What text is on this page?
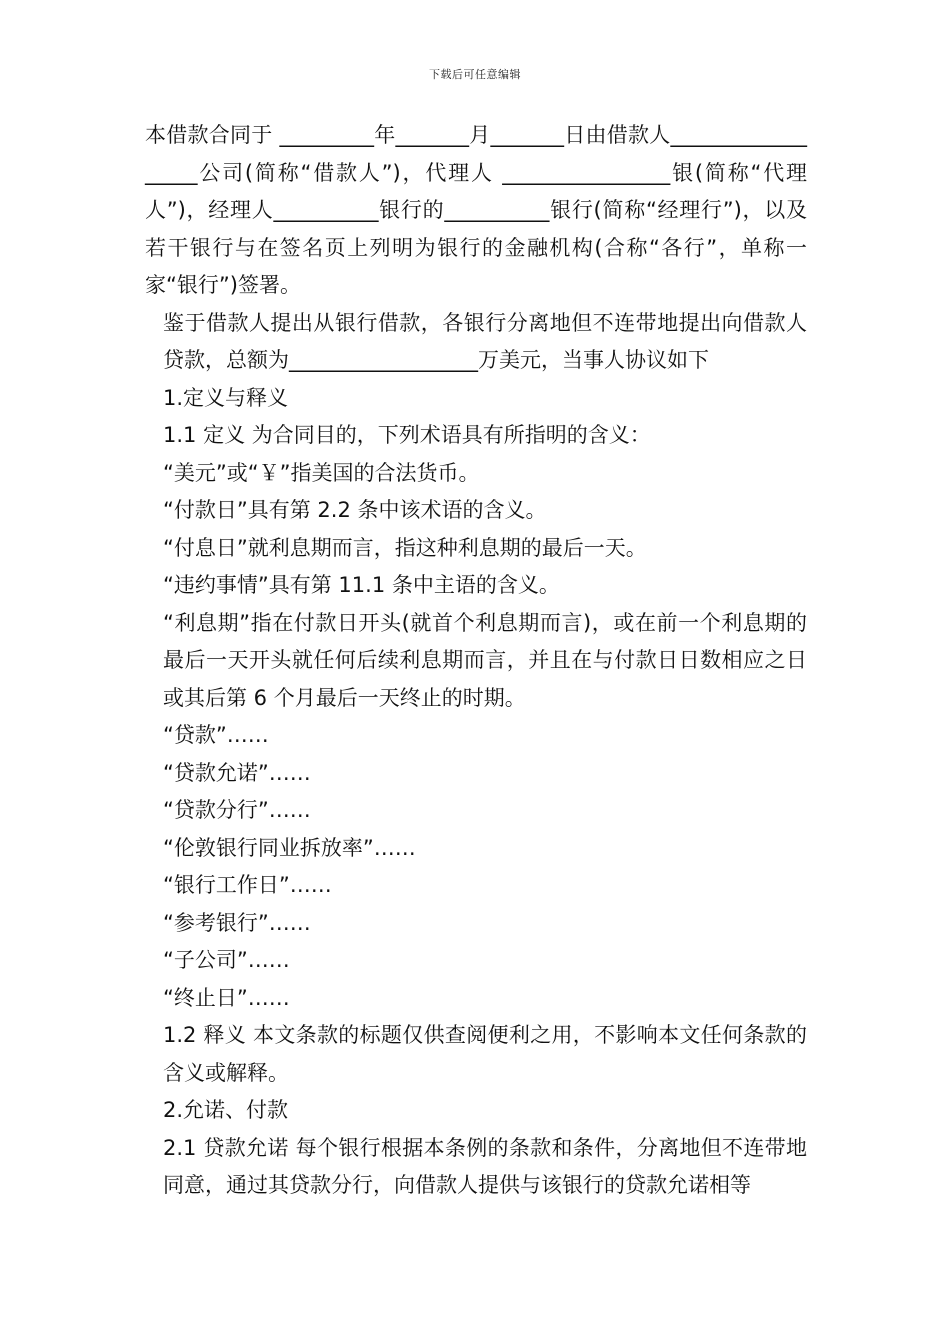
下载后可任意编辑

本借款合同于 _________年_______月_______日由借款人__________________公司(简称“借款人”)，代理人 ________________银(简称“代理人”)，经理人__________银行的__________银行(简称“经理行”)，以及若干银行与在签名页上列明为银行的金融机构(合称“各行”，单称一家“银行”)签署。

鉴于借款人提出从银行借款，各银行分离地但不连带地提出向借款人贷款，总额为__________________万美元，当事人协议如下

1.定义与释义

1.1 定义 为合同目的，下列术语具有所指明的含义：

“美元”或“￥”指美国的合法货币。

“付款日”具有第 2.2 条中该术语的含义。

“付息日”就利息期而言，指这种利息期的最后一天。

“违约事情”具有第 11.1 条中主语的含义。

“利息期”指在付款日开头(就首个利息期而言)，或在前一个利息期的最后一天开头就任何后续利息期而言，并且在与付款日日数相应之日或其后第 6 个月最后一天终止的时期。

“贷款”……

“贷款允诺”……

“贷款分行”……

“伦敦银行同业拆放率”……

“银行工作日”……

“参考银行”……

“子公司”……

“终止日”……

1.2 释义 本文条款的标题仅供查阅便利之用，不影响本文任何条款的含义或解释。

2.允诺、付款

2.1 贷款允诺 每个银行根据本条例的条款和条件，分离地但不连带地同意，通过其贷款分行，向借款人提供与该银行的贷款允诺相等
